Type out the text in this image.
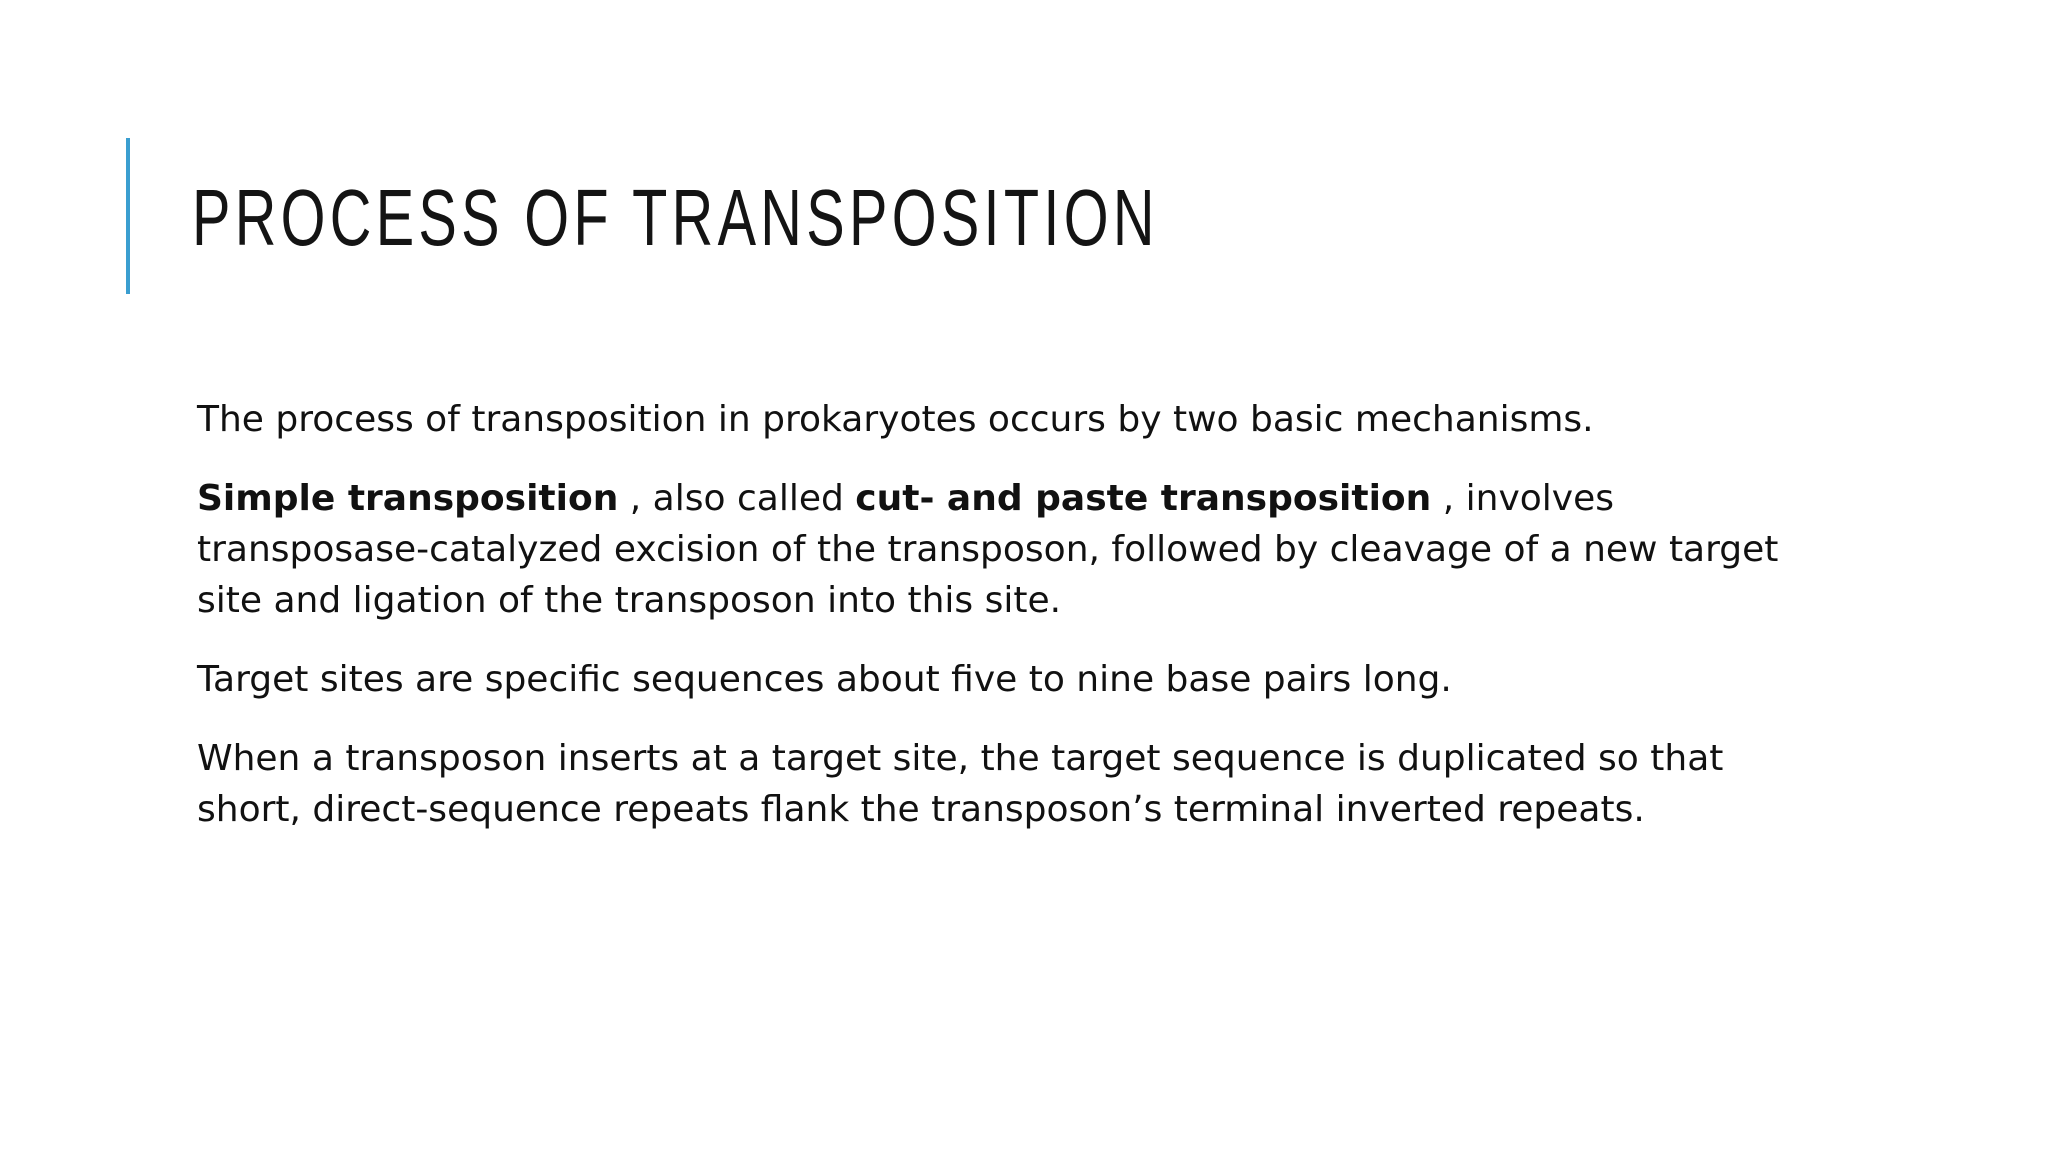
PROCESS OF TRANSPOSITION

The process of transposition in prokaryotes occurs by two basic mechanisms.

Simple transposition , also called cut- and paste transposition , involves transposase-catalyzed excision of the transposon, followed by cleavage of a new target site and ligation of the transposon into this site.

Target sites are specific sequences about five to nine base pairs long.

When a transposon inserts at a target site, the target sequence is duplicated so that short, direct-sequence repeats flank the transposon’s terminal inverted repeats.
